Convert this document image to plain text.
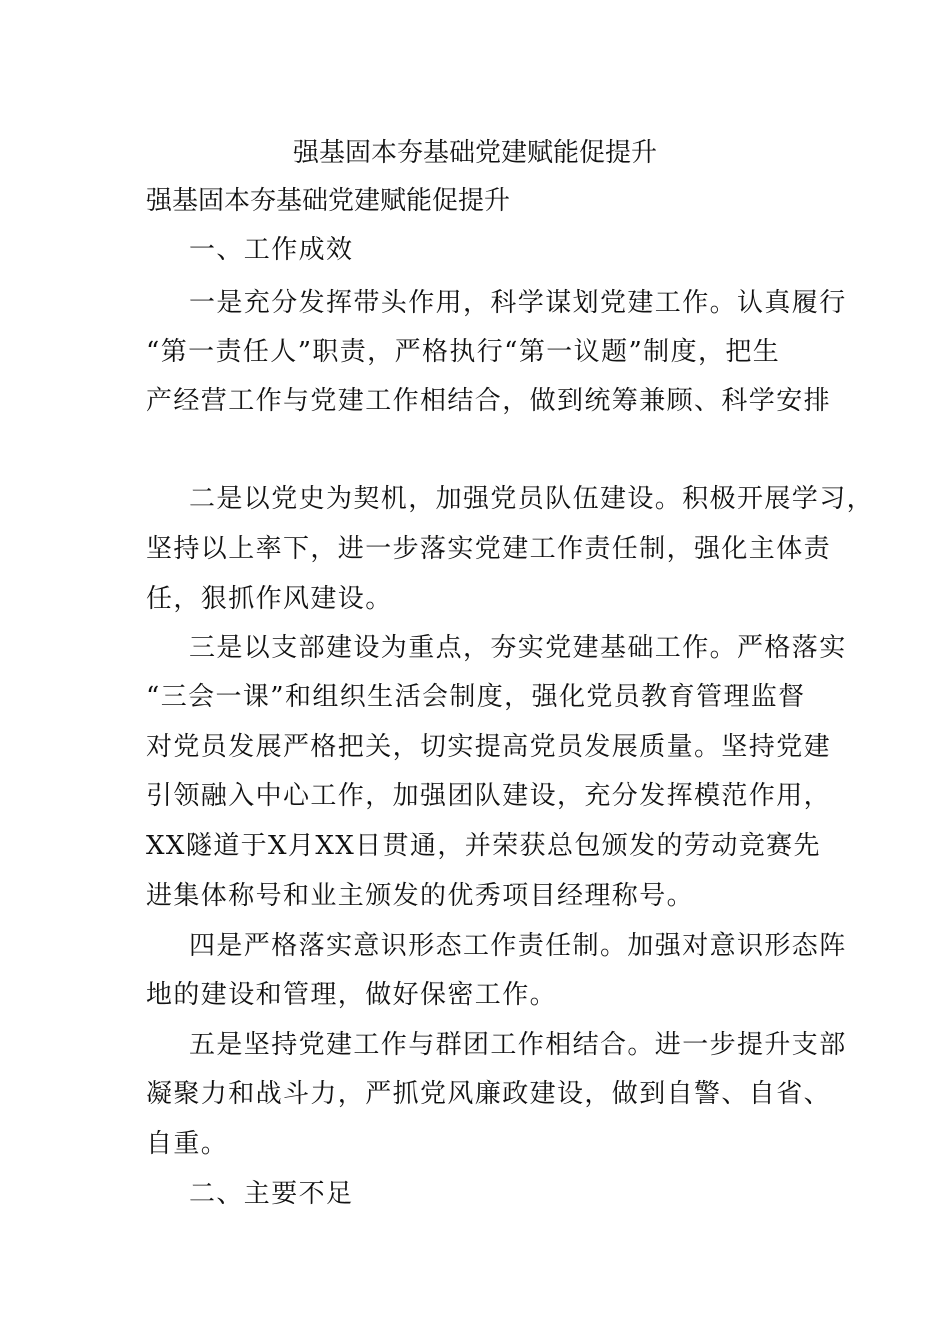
强基固本夯基础党建赋能促提升

强基固本夯基础党建赋能促提升

一、工作成效

一是充分发挥带头作用，科学谋划党建工作。认真履行

“第一责任人”职责，严格执行“第一议题”制度，把生

产经营工作与党建工作相结合，做到统筹兼顾、科学安排

二是以党史为契机，加强党员队伍建设。积极开展学习，

坚持以上率下，进一步落实党建工作责任制，强化主体责

任，狠抓作风建设。

三是以支部建设为重点，夯实党建基础工作。严格落实

“三会一课”和组织生活会制度，强化党员教育管理监督

对党员发展严格把关，切实提高党员发展质量。坚持党建

引领融入中心工作，加强团队建设，充分发挥模范作用，

XX隧道于X月XX日贯通，并荣获总包颁发的劳动竞赛先

进集体称号和业主颁发的优秀项目经理称号。

四是严格落实意识形态工作责任制。加强对意识形态阵

地的建设和管理，做好保密工作。

五是坚持党建工作与群团工作相结合。进一步提升支部

凝聚力和战斗力，严抓党风廉政建设，做到自警、自省、

自重。

二、主要不足
